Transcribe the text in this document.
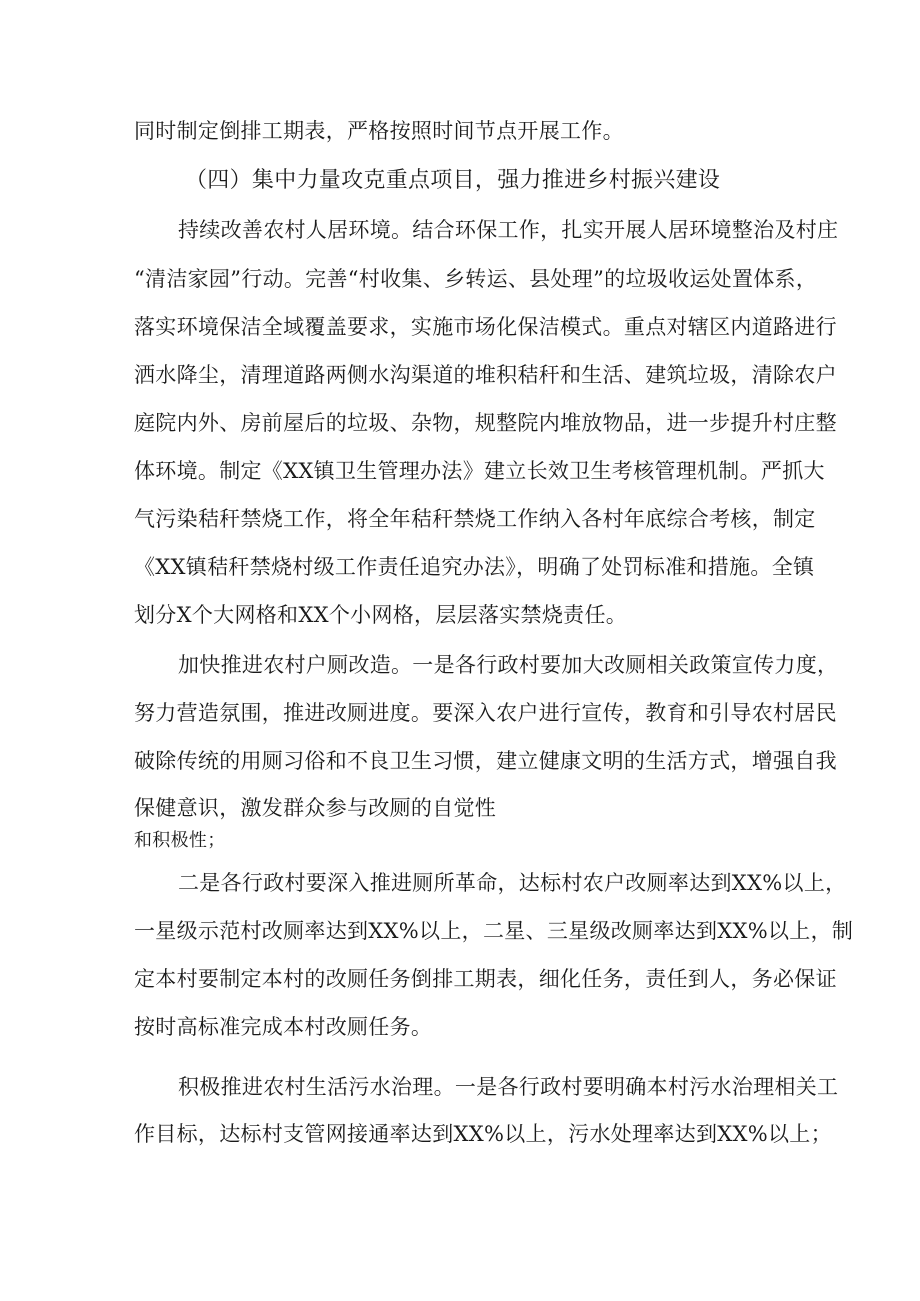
同时制定倒排工期表，严格按照时间节点开展工作。
（四）集中力量攻克重点项目，强力推进乡村振兴建设
持续改善农村人居环境。结合环保工作，扎实开展人居环境整治及村庄
“清洁家园”行动。完善“村收集、乡转运、县处理”的垃圾收运处置体系，
落实环境保洁全域覆盖要求，实施市场化保洁模式。重点对辖区内道路进行
洒水降尘，清理道路两侧水沟渠道的堆积秸秆和生活、建筑垃圾，清除农户
庭院内外、房前屋后的垃圾、杂物，规整院内堆放物品，进一步提升村庄整
体环境。制定《XX镇卫生管理办法》建立长效卫生考核管理机制。严抓大
气污染秸秆禁烧工作，将全年秸秆禁烧工作纳入各村年底综合考核，制定
《XX镇秸秆禁烧村级工作责任追究办法》，明确了处罚标准和措施。全镇
划分X个大网格和XX个小网格，层层落实禁烧责任。
加快推进农村户厕改造。一是各行政村要加大改厕相关政策宣传力度，
努力营造氛围，推进改厕进度。要深入农户进行宣传，教育和引导农村居民
破除传统的用厕习俗和不良卫生习惯，建立健康文明的生活方式，增强自我
保健意识，激发群众参与改厕的自觉性
和积极性；
二是各行政村要深入推进厕所革命，达标村农户改厕率达到XX%以上，
一星级示范村改厕率达到XX%以上，二星、三星级改厕率达到XX%以上，制
定本村要制定本村的改厕任务倒排工期表，细化任务，责任到人，务必保证
按时高标准完成本村改厕任务。
积极推进农村生活污水治理。一是各行政村要明确本村污水治理相关工
作目标，达标村支管网接通率达到XX%以上，污水处理率达到XX%以上；
